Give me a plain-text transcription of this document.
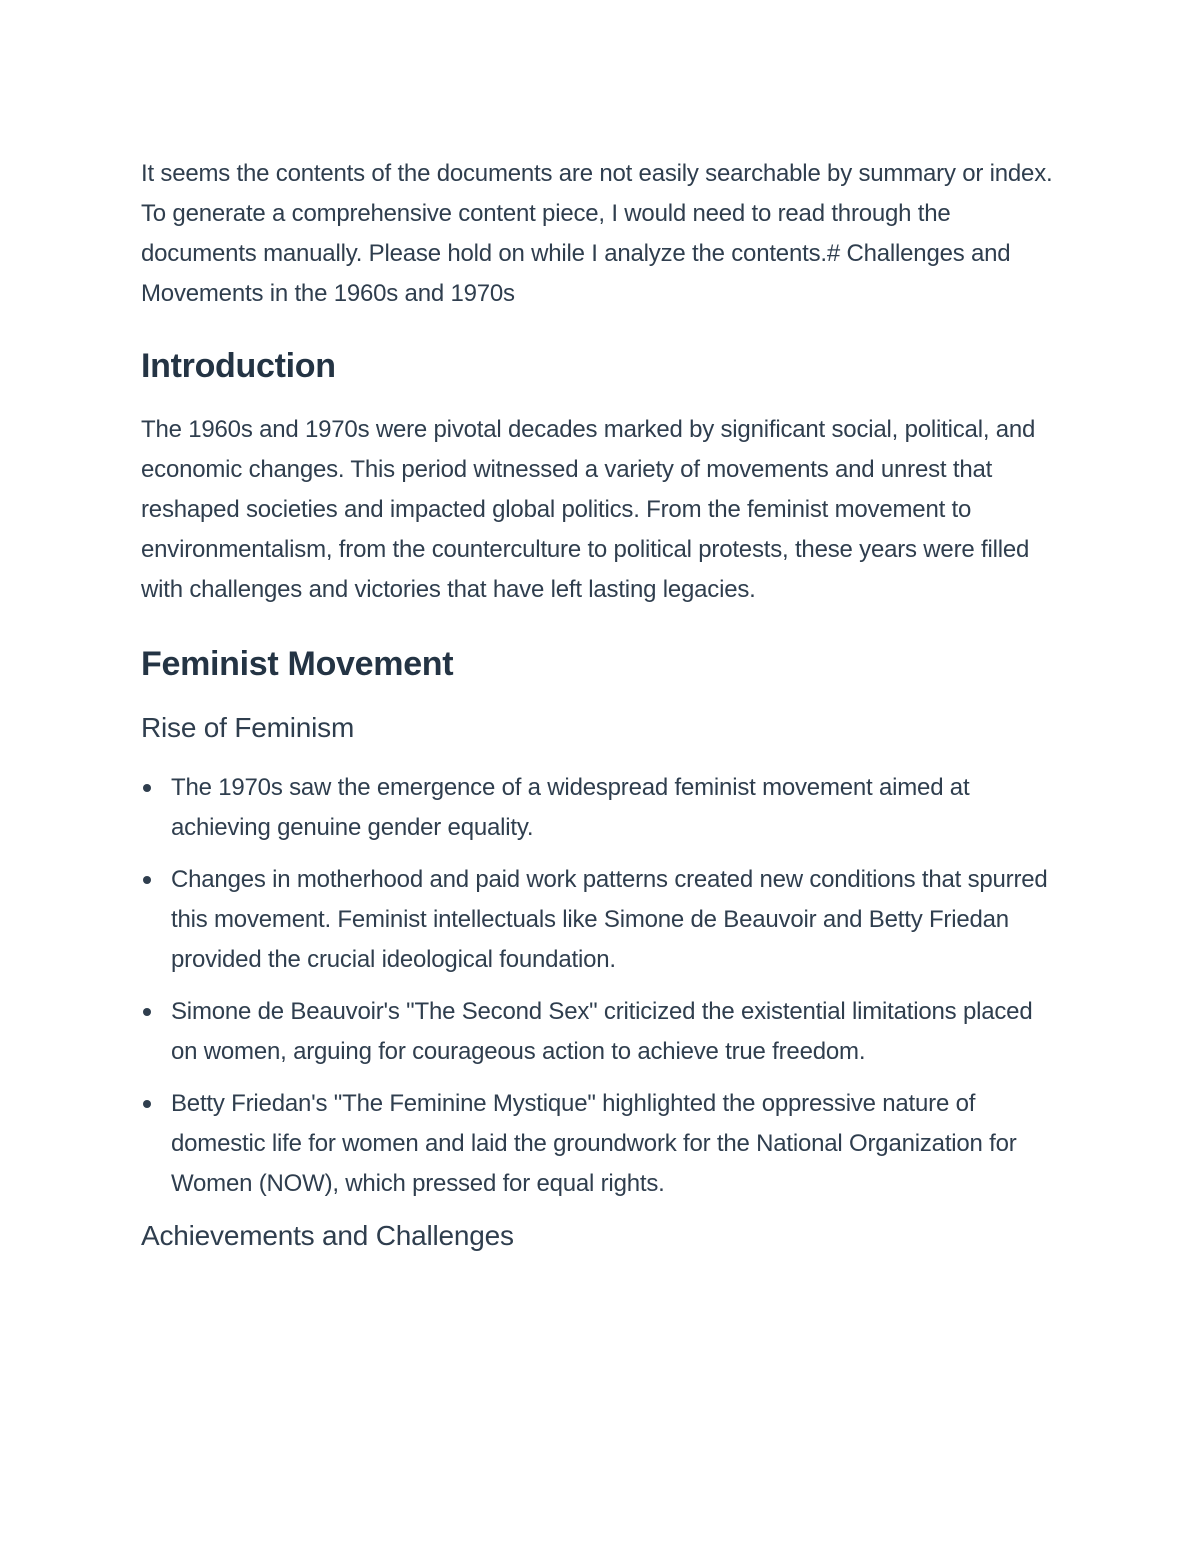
It seems the contents of the documents are not easily searchable by summary or index. To generate a comprehensive content piece, I would need to read through the documents manually. Please hold on while I analyze the contents.# Challenges and Movements in the 1960s and 1970s

Introduction

The 1960s and 1970s were pivotal decades marked by significant social, political, and economic changes. This period witnessed a variety of movements and unrest that reshaped societies and impacted global politics. From the feminist movement to environmentalism, from the counterculture to political protests, these years were filled with challenges and victories that have left lasting legacies.

Feminist Movement
Rise of Feminism
The 1970s saw the emergence of a widespread feminist movement aimed at achieving genuine gender equality.
Changes in motherhood and paid work patterns created new conditions that spurred this movement. Feminist intellectuals like Simone de Beauvoir and Betty Friedan provided the crucial ideological foundation.
Simone de Beauvoir's "The Second Sex" criticized the existential limitations placed on women, arguing for courageous action to achieve true freedom.
Betty Friedan's "The Feminine Mystique" highlighted the oppressive nature of domestic life for women and laid the groundwork for the National Organization for Women (NOW), which pressed for equal rights.
Achievements and Challenges
